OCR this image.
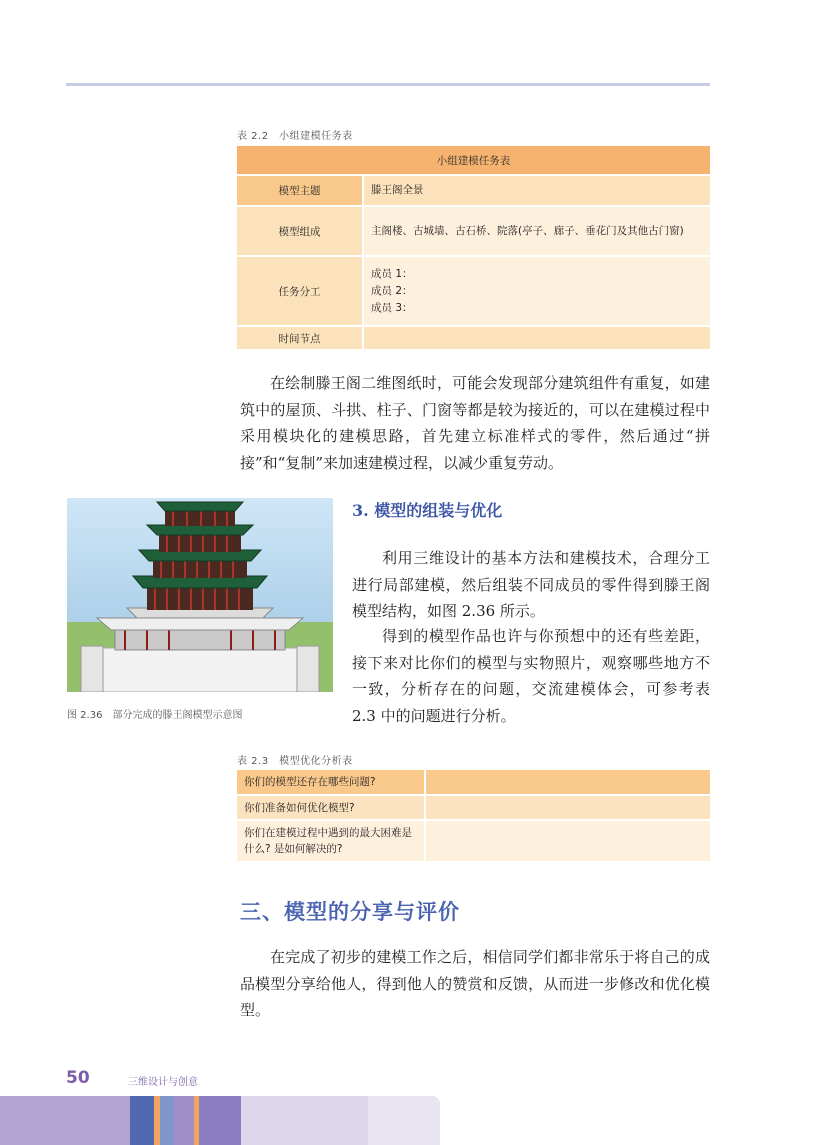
表 2.2　小组建模任务表
小组建模任务表	
模型主题	滕王阁全景
模型组成	主阁楼、古城墙、古石桥、院落(亭子、廊子、垂花门及其他古门窗)
任务分工	成员 1：
成员 2：
成员 3：

时间节点	

在绘制滕王阁二维图纸时，可能会发现部分建筑组件有重复，如建筑中的屋顶、斗拱、柱子、门窗等都是较为接近的，可以在建模过程中采用模块化的建模思路，首先建立标准样式的零件，然后通过“拼接”和“复制”来加速建模过程，以减少重复劳动。

图 2.36　部分完成的滕王阁模型示意图
3. 模型的组装与优化

利用三维设计的基本方法和建模技术，合理分工进行局部建模，然后组装不同成员的零件得到滕王阁模型结构，如图 2.36 所示。

得到的模型作品也许与你预想中的还有些差距，接下来对比你们的模型与实物照片，观察哪些地方不一致，分析存在的问题，交流建模体会，可参考表 2.3 中的问题进行分析。

表 2.3　模型优化分析表
你们的模型还存在哪些问题?	
你们准备如何优化模型?	
你们在建模过程中遇到的最大困难是什么? 是如何解决的?	
三、模型的分享与评价

在完成了初步的建模工作之后，相信同学们都非常乐于将自己的成品模型分享给他人，得到他人的赞赏和反馈，从而进一步修改和优化模型。

50	三维设计与创意
